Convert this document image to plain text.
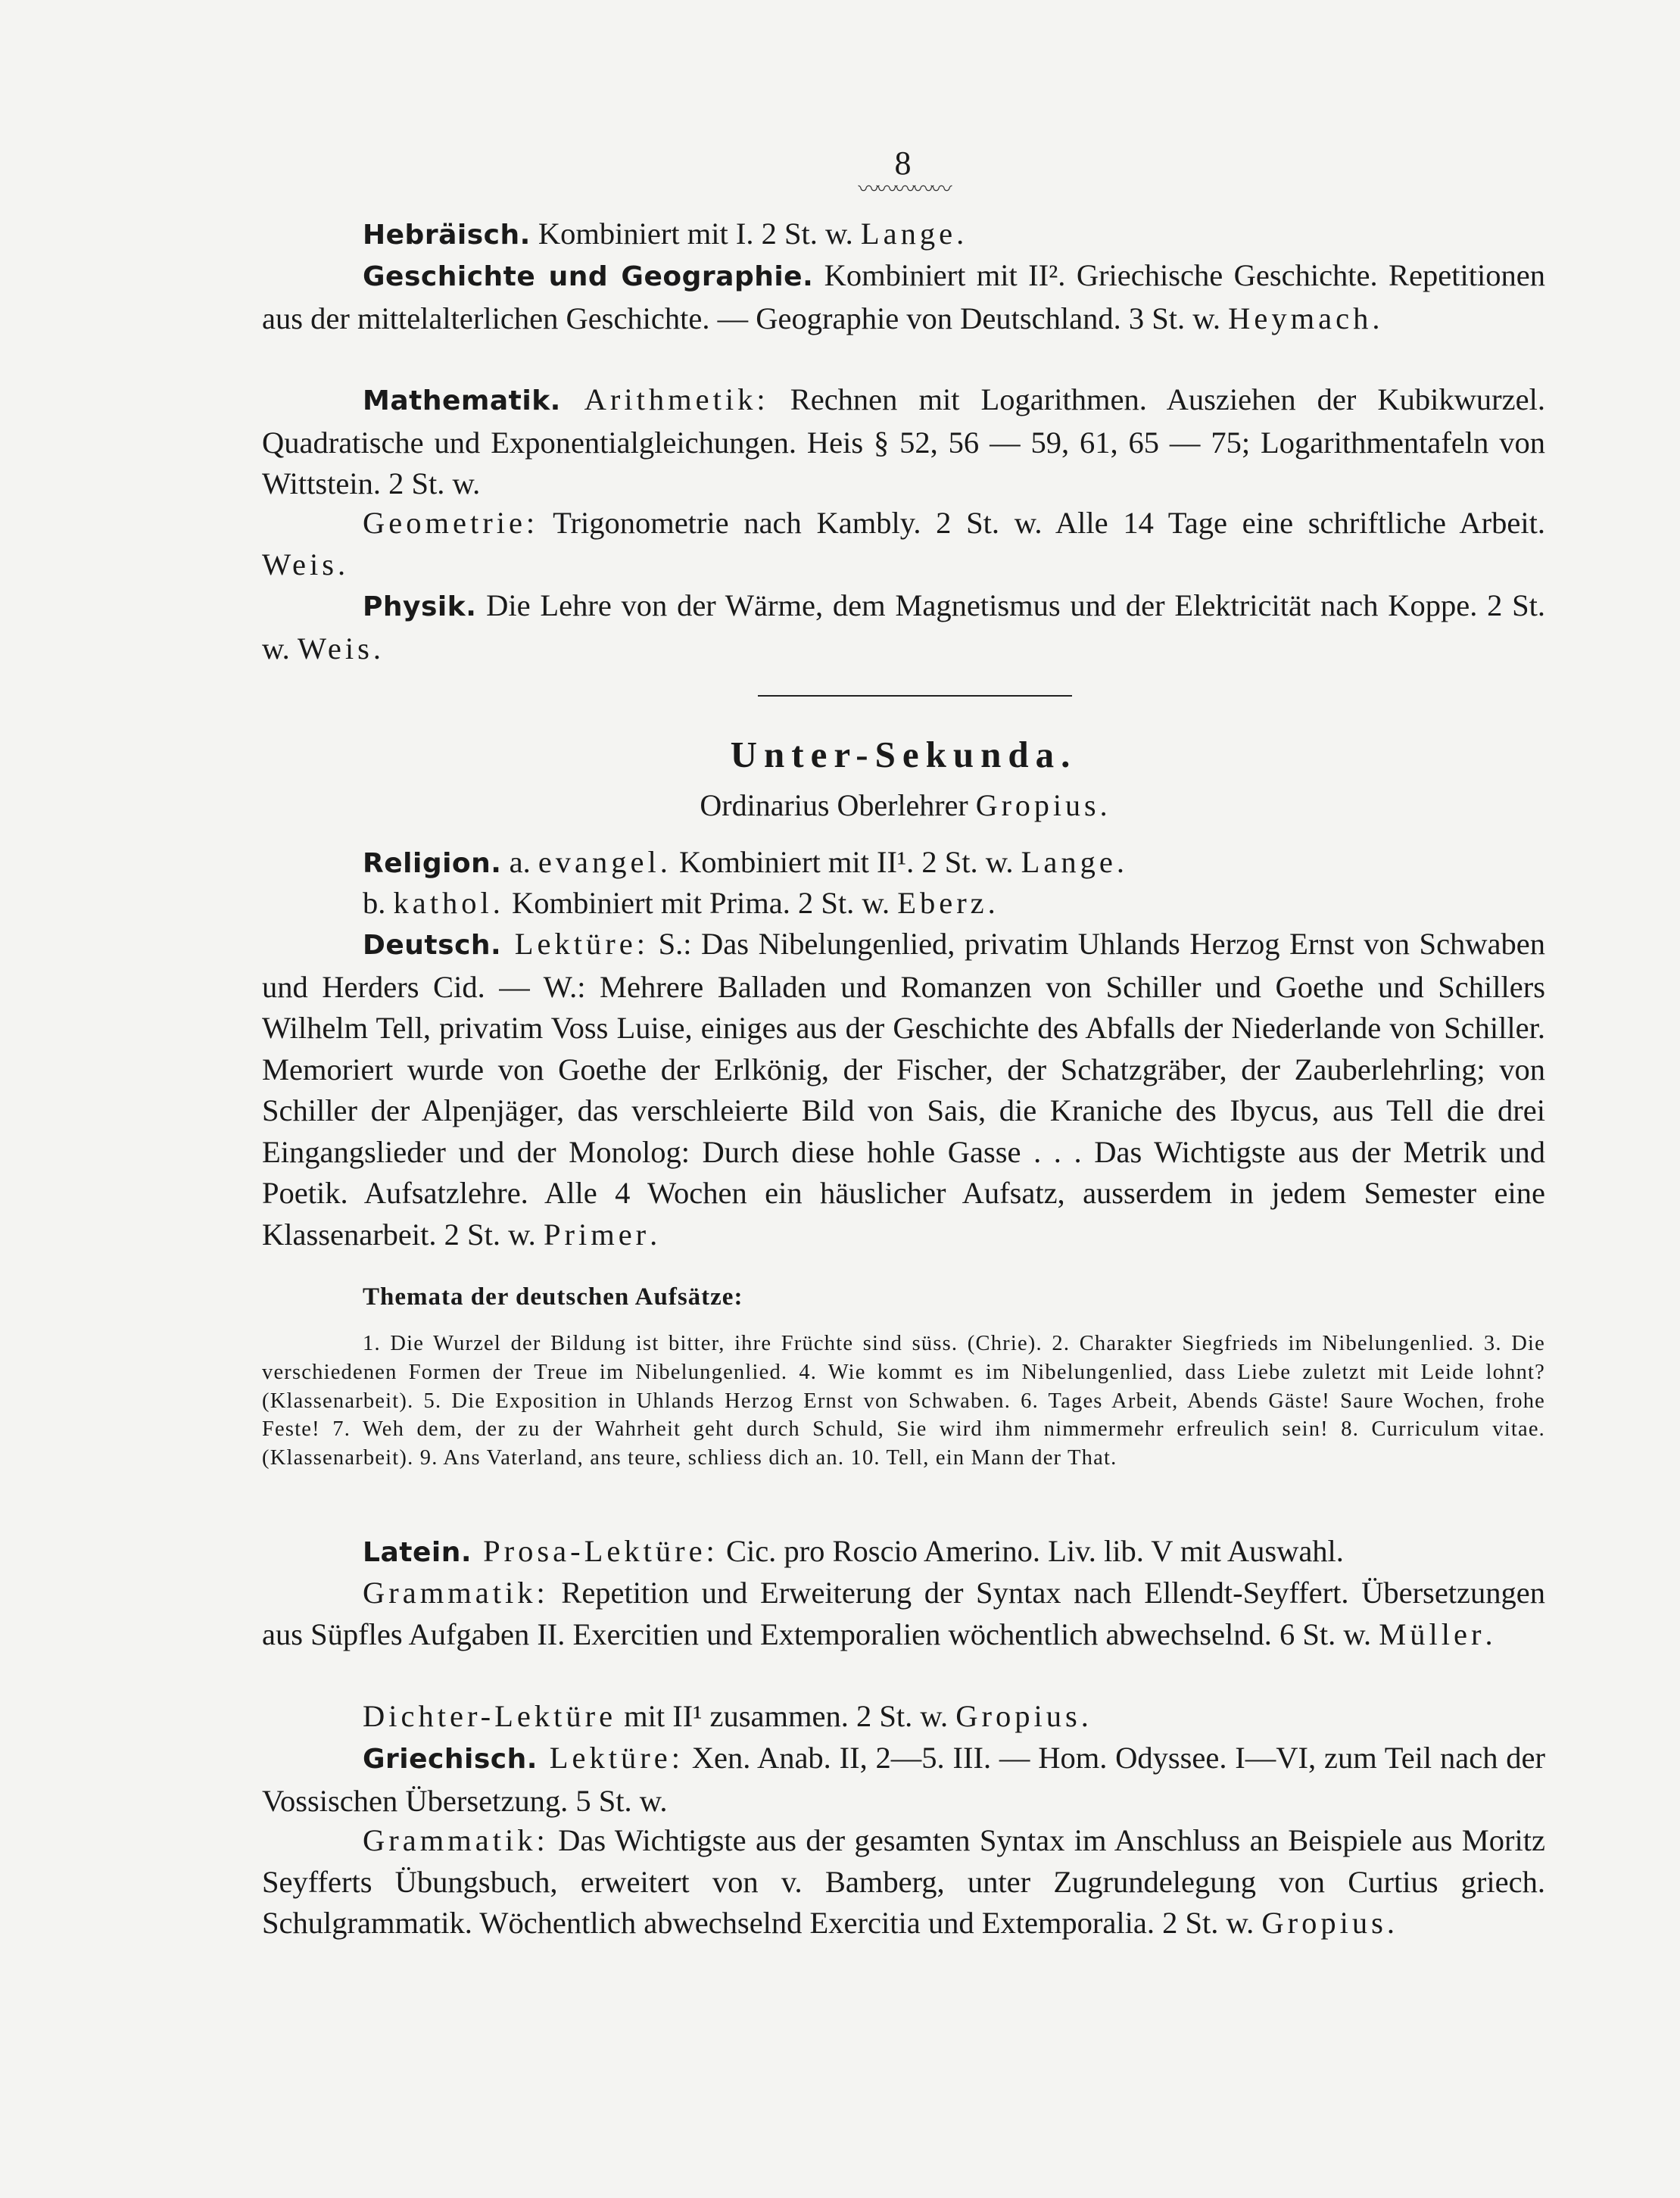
8
〰〰〰〰〰

Hebräisch. Kombiniert mit I. 2 St. w. Lange.

Geschichte und Geographie. Kombiniert mit II². Griechische Geschichte. Repetitionen aus der mittelalterlichen Geschichte. — Geographie von Deutschland. 3 St. w. Heymach.

Mathematik. Arithmetik: Rechnen mit Logarithmen. Ausziehen der Kubikwurzel. Quadratische und Exponentialgleichungen. Heis § 52, 56 — 59, 61, 65 — 75; Logarithmentafeln von Wittstein. 2 St. w.

Geometrie: Trigonometrie nach Kambly. 2 St. w. Alle 14 Tage eine schriftliche Arbeit. Weis.

Physik. Die Lehre von der Wärme, dem Magnetismus und der Elektricität nach Koppe. 2 St. w. Weis.

Unter-Sekunda.
Ordinarius Oberlehrer Gropius.

Religion. a. evangel. Kombiniert mit II¹. 2 St. w. Lange.

b. kathol. Kombiniert mit Prima. 2 St. w. Eberz.

Deutsch. Lektüre: S.: Das Nibelungenlied, privatim Uhlands Herzog Ernst von Schwaben und Herders Cid. — W.: Mehrere Balladen und Romanzen von Schiller und Goethe und Schillers Wilhelm Tell, privatim Voss Luise, einiges aus der Geschichte des Abfalls der Niederlande von Schiller. Memoriert wurde von Goethe der Erlkönig, der Fischer, der Schatzgräber, der Zauberlehrling; von Schiller der Alpenjäger, das verschleierte Bild von Sais, die Kraniche des Ibycus, aus Tell die drei Eingangslieder und der Monolog: Durch diese hohle Gasse . . . Das Wichtigste aus der Metrik und Poetik. Aufsatzlehre. Alle 4 Wochen ein häuslicher Aufsatz, ausserdem in jedem Semester eine Klassenarbeit. 2 St. w. Primer.

Themata der deutschen Aufsätze:

1. Die Wurzel der Bildung ist bitter, ihre Früchte sind süss. (Chrie). 2. Charakter Siegfrieds im Nibelungenlied. 3. Die verschiedenen Formen der Treue im Nibelungenlied. 4. Wie kommt es im Nibelungenlied, dass Liebe zuletzt mit Leide lohnt? (Klassenarbeit). 5. Die Exposition in Uhlands Herzog Ernst von Schwaben. 6. Tages Arbeit, Abends Gäste! Saure Wochen, frohe Feste! 7. Weh dem, der zu der Wahrheit geht durch Schuld, Sie wird ihm nimmermehr erfreulich sein! 8. Curriculum vitae. (Klassenarbeit). 9. Ans Vaterland, ans teure, schliess dich an. 10. Tell, ein Mann der That.

Latein. Prosa-Lektüre: Cic. pro Roscio Amerino. Liv. lib. V mit Auswahl.

Grammatik: Repetition und Erweiterung der Syntax nach Ellendt-Seyffert. Übersetzungen aus Süpfles Aufgaben II. Exercitien und Extemporalien wöchentlich abwechselnd. 6 St. w. Müller.

Dichter-Lektüre mit II¹ zusammen. 2 St. w. Gropius.

Griechisch. Lektüre: Xen. Anab. II, 2—5. III. — Hom. Odyssee. I—VI, zum Teil nach der Vossischen Übersetzung. 5 St. w.

Grammatik: Das Wichtigste aus der gesamten Syntax im Anschluss an Beispiele aus Moritz Seyfferts Übungsbuch, erweitert von v. Bamberg, unter Zugrundelegung von Curtius griech. Schulgrammatik. Wöchentlich abwechselnd Exercitia und Extemporalia. 2 St. w. Gropius.
